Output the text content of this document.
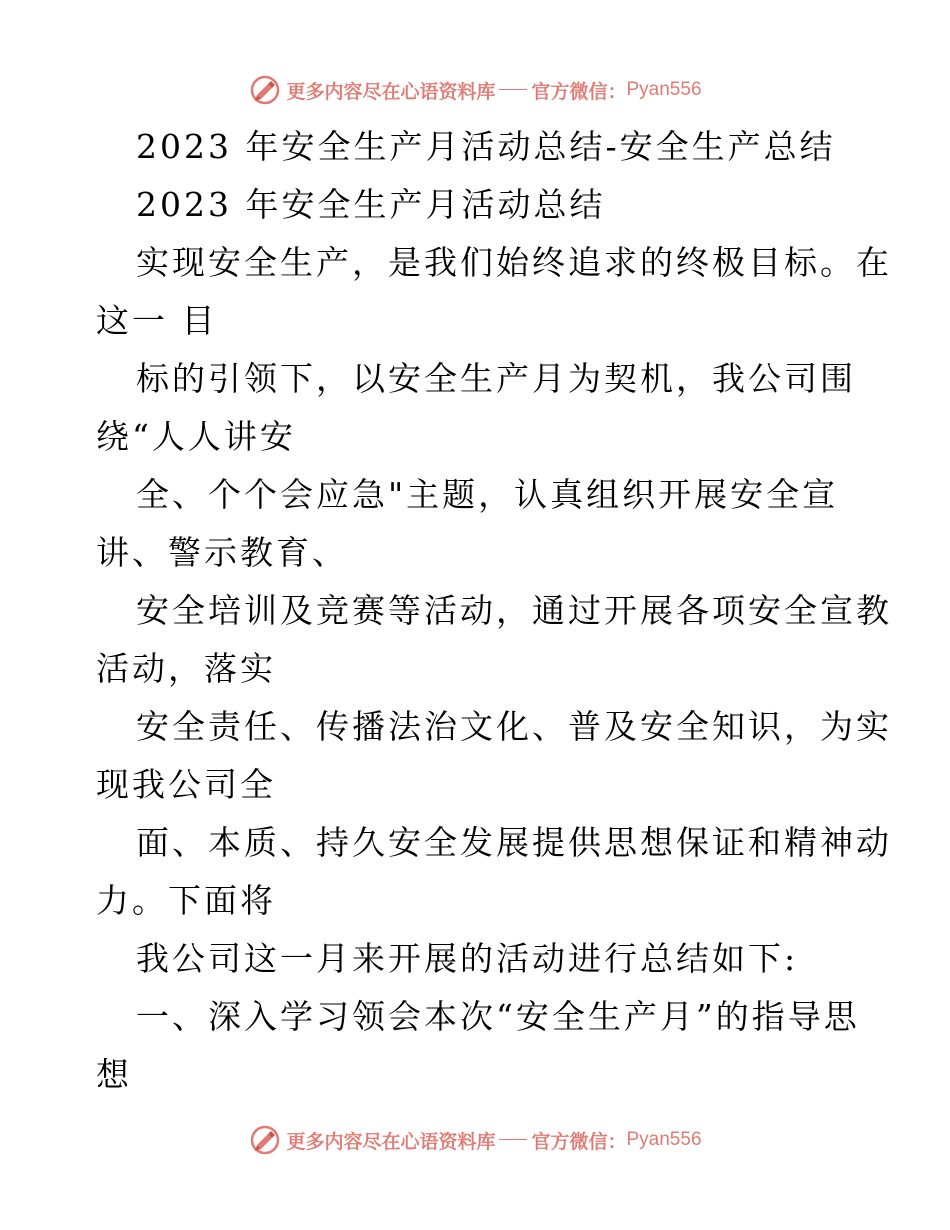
更多内容尽在心语资料库 官方微信： Pyan556
2023 年安全生产月活动总结-安全生产总结
2023 年安全生产月活动总结
实现安全生产，是我们始终追求的终极目标。在
这一 目
标的引领下，以安全生产月为契机，我公司围
绕“人人讲安
全、个个会应急"主题，认真组织开展安全宣
讲、警示教育、
安全培训及竞赛等活动，通过开展各项安全宣教
活动，落实
安全责任、传播法治文化、普及安全知识，为实
现我公司全
面、本质、持久安全发展提供思想保证和精神动
力。下面将
我公司这一月来开展的活动进行总结如下:
一、深入学习领会本次“安全生产月”的指导思
想
更多内容尽在心语资料库 官方微信： Pyan556
